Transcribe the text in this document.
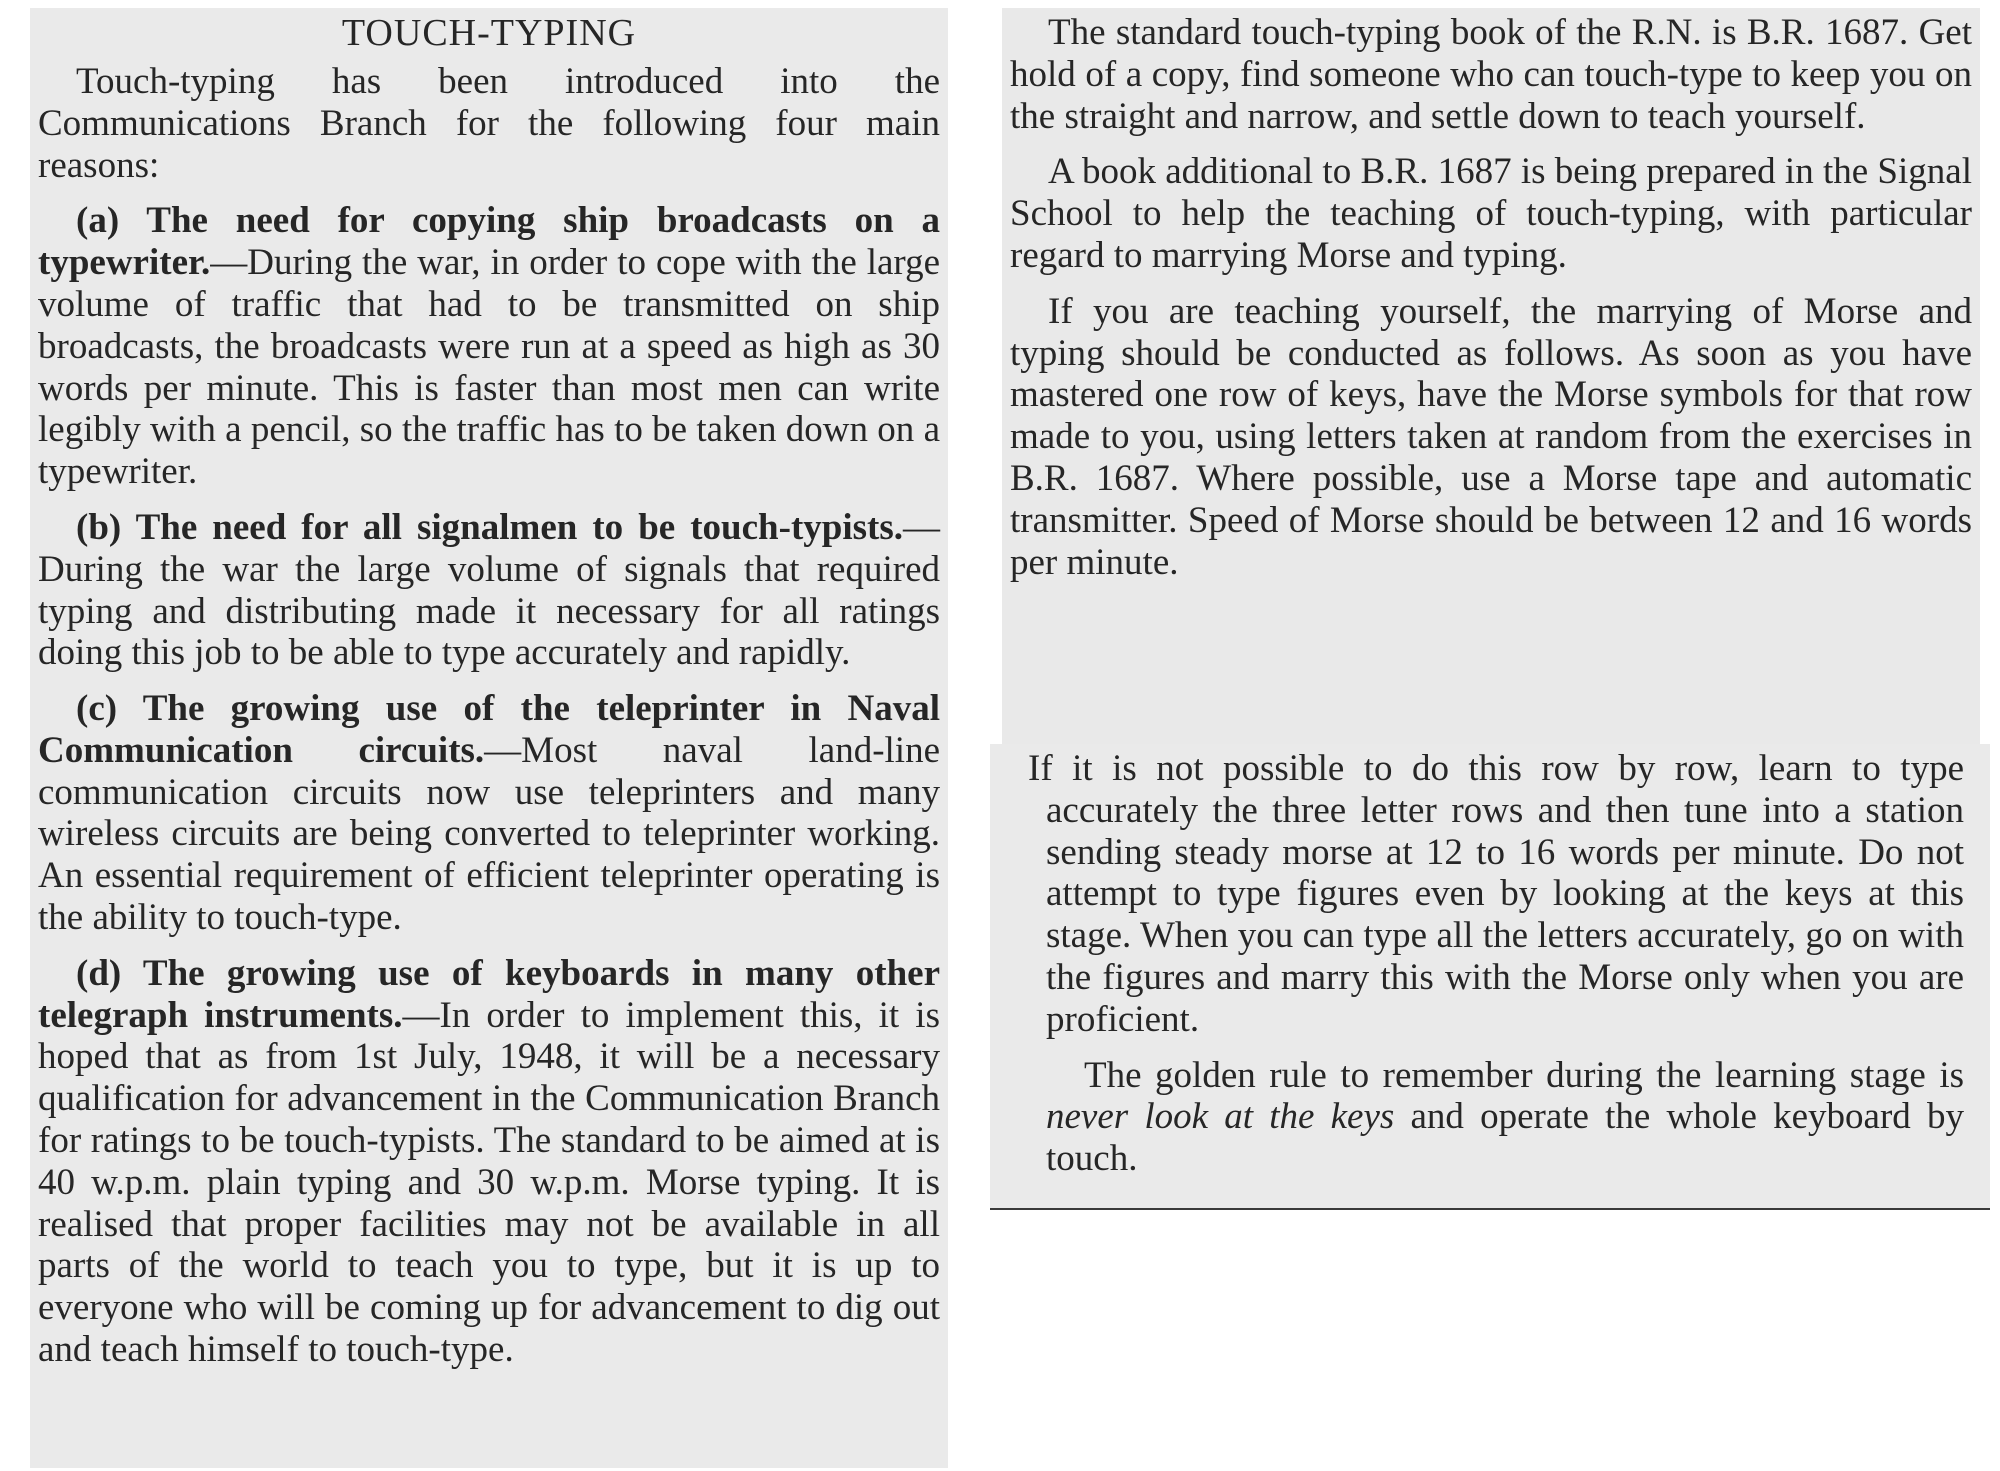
TOUCH-TYPING

Touch-typing has been introduced into the Communications Branch for the following four main reasons:

(a) The need for copying ship broadcasts on a typewriter.—During the war, in order to cope with the large volume of traffic that had to be transmitted on ship broadcasts, the broadcasts were run at a speed as high as 30 words per minute. This is faster than most men can write legibly with a pencil, so the traffic has to be taken down on a typewriter.

(b) The need for all signalmen to be touch-typists.—During the war the large volume of signals that required typing and distributing made it necessary for all ratings doing this job to be able to type accurately and rapidly.

(c) The growing use of the teleprinter in Naval Communication circuits.—Most naval land-line communication circuits now use teleprinters and many wireless circuits are being converted to teleprinter working. An essential requirement of efficient teleprinter operating is the ability to touch-type.

(d) The growing use of keyboards in many other telegraph instruments.—In order to implement this, it is hoped that as from 1st July, 1948, it will be a necessary qualification for advancement in the Communication Branch for ratings to be touch-typists. The standard to be aimed at is 40 w.p.m. plain typing and 30 w.p.m. Morse typing. It is realised that proper facilities may not be available in all parts of the world to teach you to type, but it is up to everyone who will be coming up for advancement to dig out and teach himself to touch-type.

The standard touch-typing book of the R.N. is B.R. 1687. Get hold of a copy, find someone who can touch-type to keep you on the straight and narrow, and settle down to teach yourself.

A book additional to B.R. 1687 is being prepared in the Signal School to help the teaching of touch-typing, with particular regard to marrying Morse and typing.

If you are teaching yourself, the marrying of Morse and typing should be conducted as follows. As soon as you have mastered one row of keys, have the Morse symbols for that row made to you, using letters taken at random from the exercises in B.R. 1687. Where possible, use a Morse tape and automatic transmitter. Speed of Morse should be between 12 and 16 words per minute.

If it is not possible to do this row by row, learn to type accurately the three letter rows and then tune into a station sending steady morse at 12 to 16 words per minute. Do not attempt to type figures even by looking at the keys at this stage. When you can type all the letters accurately, go on with the figures and marry this with the Morse only when you are proficient.

The golden rule to remember during the learning stage is never look at the keys and operate the whole keyboard by touch.
